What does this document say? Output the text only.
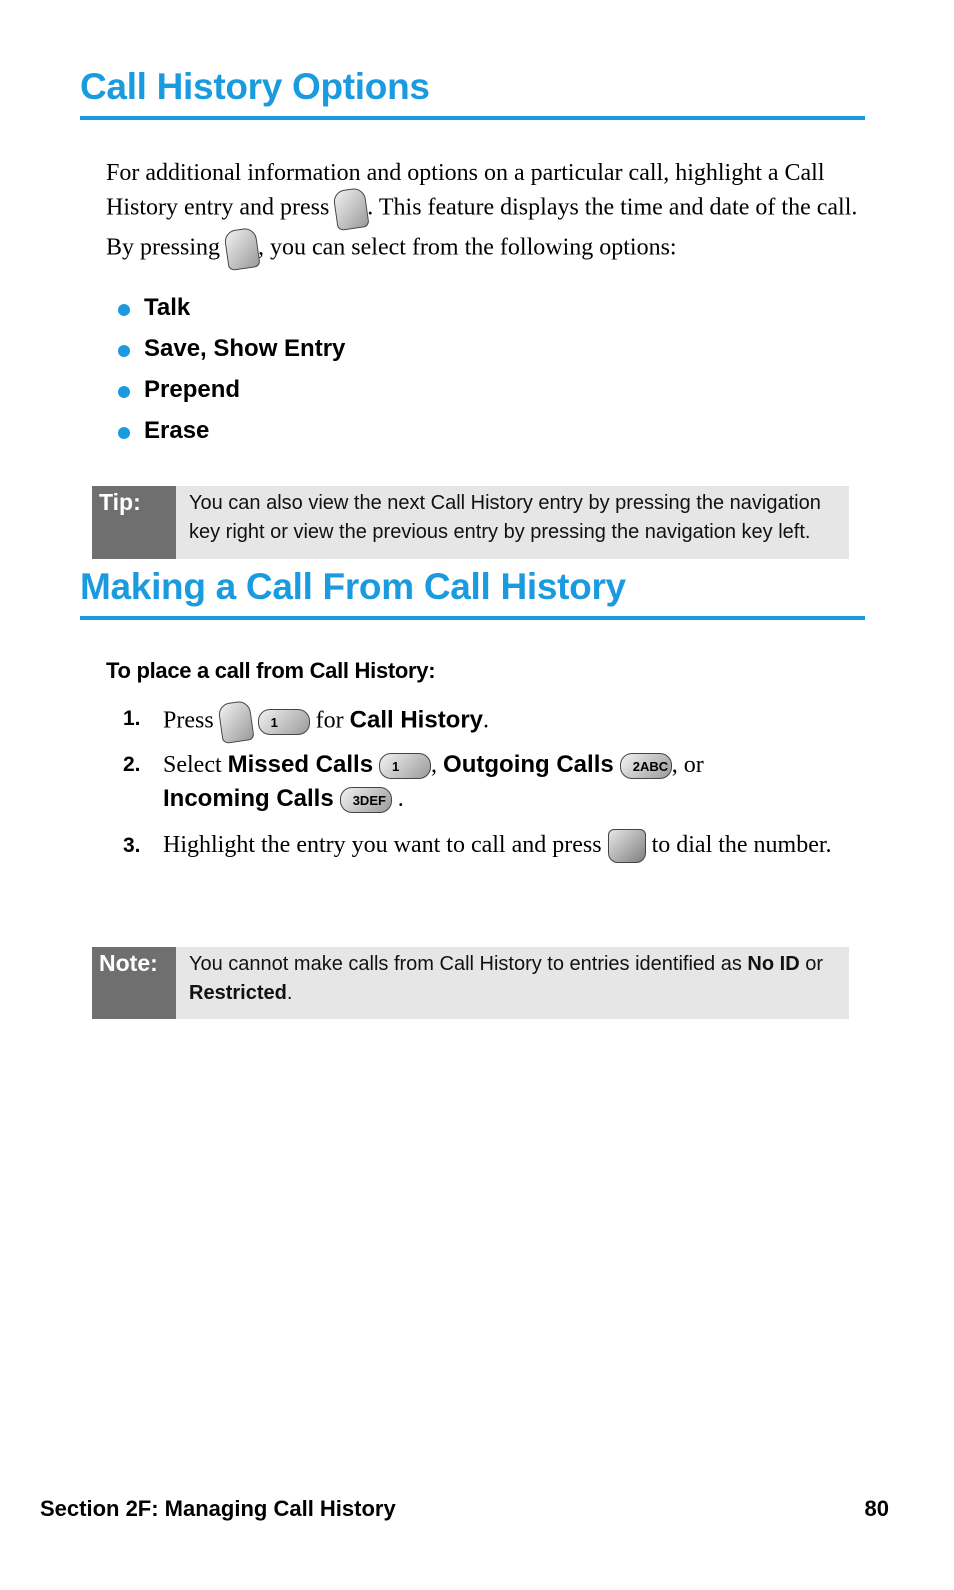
Call History Options
For additional information and options on a particular call, highlight a Call History entry and press . This feature displays the time and date of the call. By pressing , you can select from the following options:
Talk
Save, Show Entry
Prepend
Erase
Tip:	You can also view the next Call History entry by pressing the navigation key right or view the previous entry by pressing the navigation key left.
Making a Call From Call History
To place a call from Call History:
1. Press	1 for Call History.
2. Select Missed Calls 1 , Outgoing Calls 2ABC , or
Incoming Calls 3DEF .
3. Highlight the entry you want to call and press to dial the number.
Note:	You cannot make calls from Call History to entries identified as No ID or Restricted.
Section 2F: Managing Call History	80
